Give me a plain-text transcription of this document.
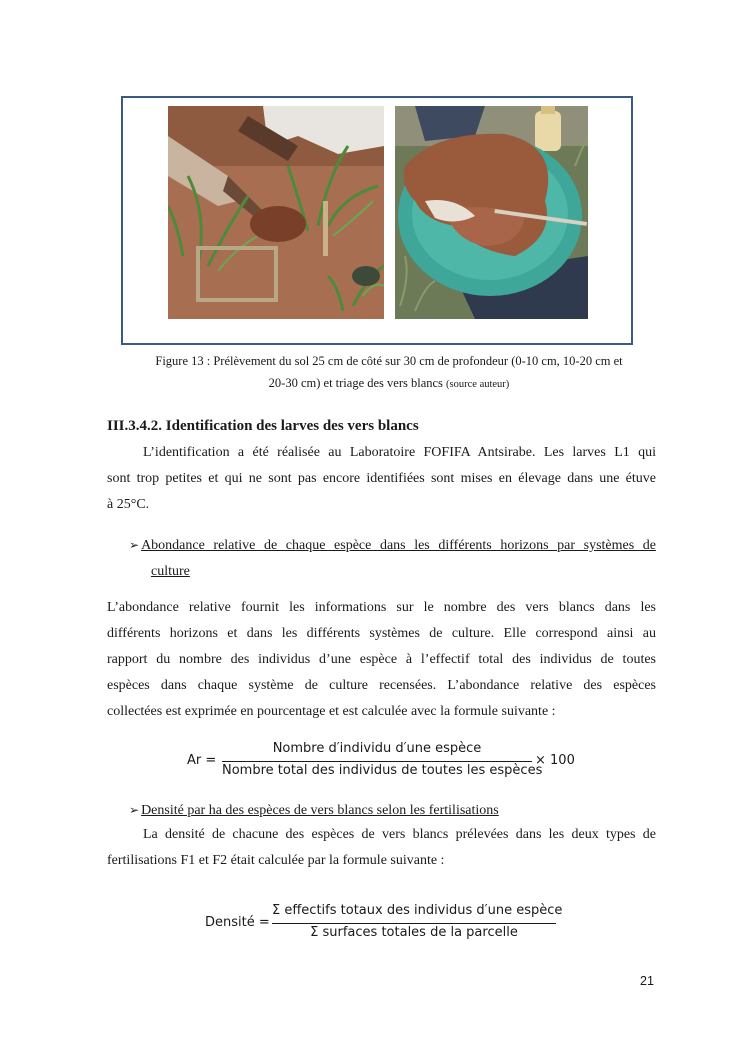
Figure 13 : Prélèvement du sol 25 cm de côté sur 30 cm de profondeur (0-10 cm, 10-20 cm et
20-30 cm) et triage des vers blancs (source auteur)
III.3.4.2. Identification des larves des vers blancs
L’identification a été réalisée au Laboratoire FOFIFA Antsirabe. Les larves L1 qui
sont trop petites et qui ne sont pas encore identifiées sont mises en élevage dans une étuve
à 25°C.
➢ Abondance relative de chaque espèce dans les différents horizons par systèmes de
culture
L’abondance relative fournit les informations sur le nombre des vers blancs dans les
différents horizons et dans les différents systèmes de culture. Elle correspond ainsi au
rapport du nombre des individus d’une espèce à l’effectif total des individus de toutes
espèces dans chaque système de culture recensées. L’abondance relative des espèces
collectées est exprimée en pourcentage et est calculée avec la formule suivante :
Ar =
Nombre d′individu d′une espèce
Nombre total des individus de toutes les espèces
× 100
➢ Densité par ha des espèces de vers blancs selon les fertilisations
La densité de chacune des espèces de vers blancs prélevées dans les deux types de
fertilisations F1 et F2 était calculée par la formule suivante :
Densité =
Σ effectifs totaux des individus d′une espèce
Σ surfaces totales de la parcelle
21
